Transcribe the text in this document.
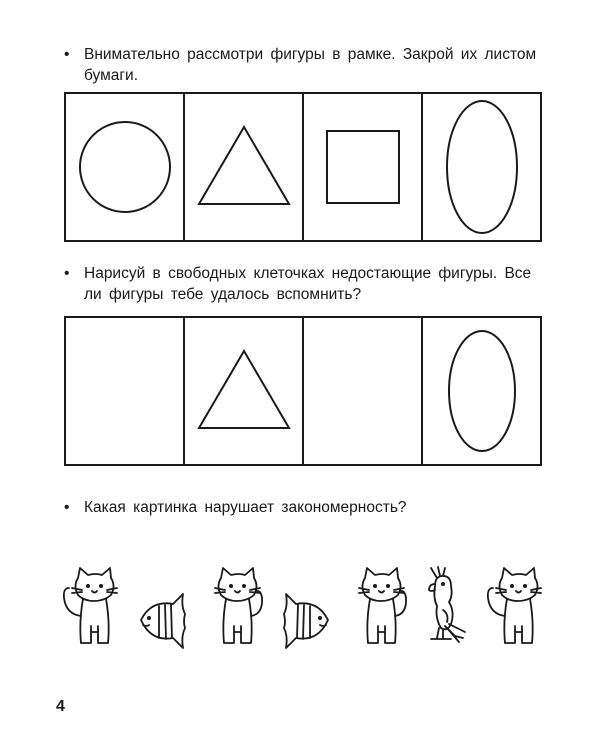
• Внимательно рассмотри фигуры в рамке. Закрой их листом бумаги.
• Нарисуй в свободных клеточках недостающие фигуры. Все ли фигуры тебе удалось вспомнить?
• Какая картинка нарушает закономерность?
4
